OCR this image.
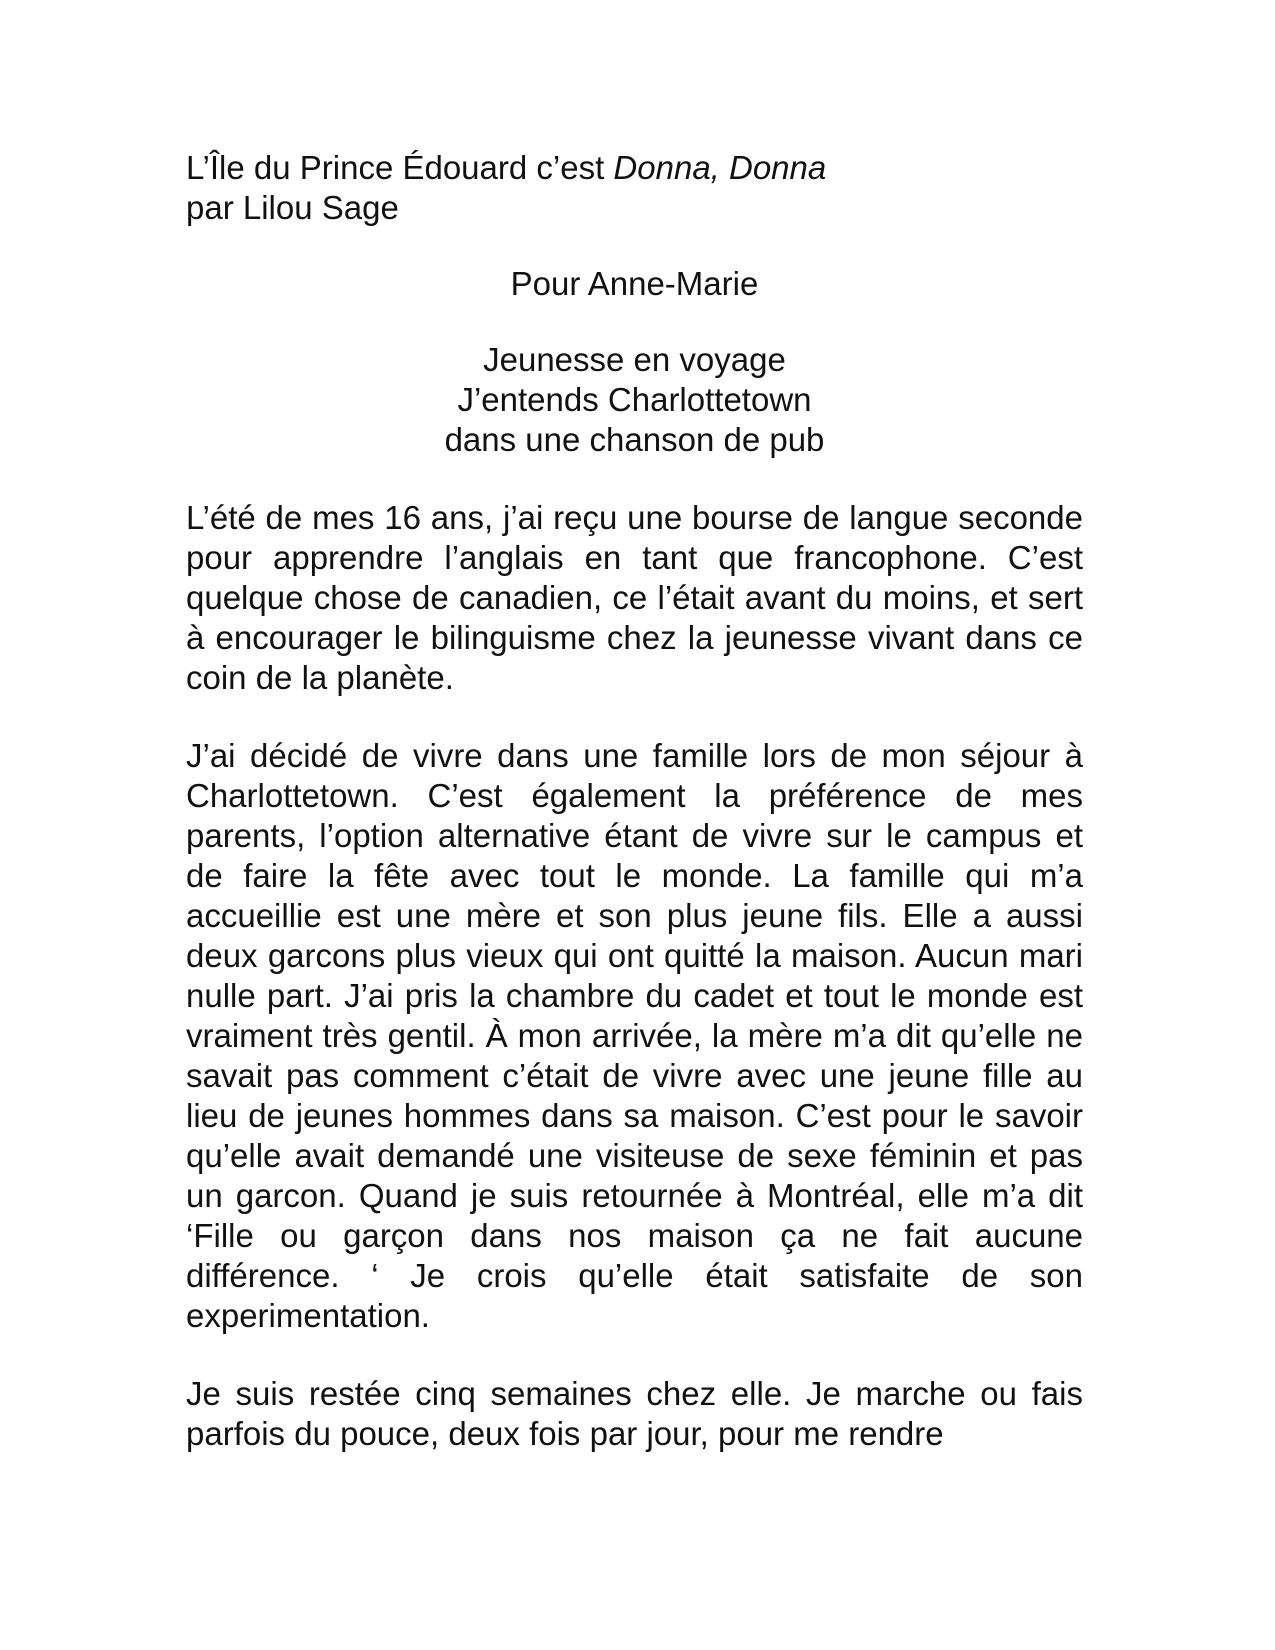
L’Île du Prince Édouard c’est Donna, Donna

par Lilou Sage

Pour Anne-Marie

Jeunesse en voyage
J’entends Charlottetown
dans une chanson de pub

L’été de mes 16 ans, j’ai reçu une bourse de langue seconde pour apprendre l’anglais en tant que francophone. C’est quelque chose de canadien, ce l’était avant du moins, et sert à encourager le bilinguisme chez la jeunesse vivant dans ce coin de la planète.

J’ai décidé de vivre dans une famille lors de mon séjour à Charlottetown. C’est également la préférence de mes parents, l’option alternative étant de vivre sur le campus et de faire la fête avec tout le monde. La famille qui m’a accueillie est une mère et son plus jeune fils. Elle a aussi deux garcons plus vieux qui ont quitté la maison. Aucun mari nulle part. J’ai pris la chambre du cadet et tout le monde est vraiment très gentil. À mon arrivée, la mère m’a dit qu’elle ne savait pas comment c’était de vivre avec une jeune fille au lieu de jeunes hommes dans sa maison. C’est pour le savoir qu’elle avait demandé une visiteuse de sexe féminin et pas un garcon. Quand je suis retournée à Montréal, elle m’a dit ‘Fille ou garçon dans nos maison ça ne fait aucune différence. ‘ Je crois qu’elle était satisfaite de son experimentation.

Je suis restée cinq semaines chez elle. Je marche ou fais parfois du pouce, deux fois par jour, pour me rendre
